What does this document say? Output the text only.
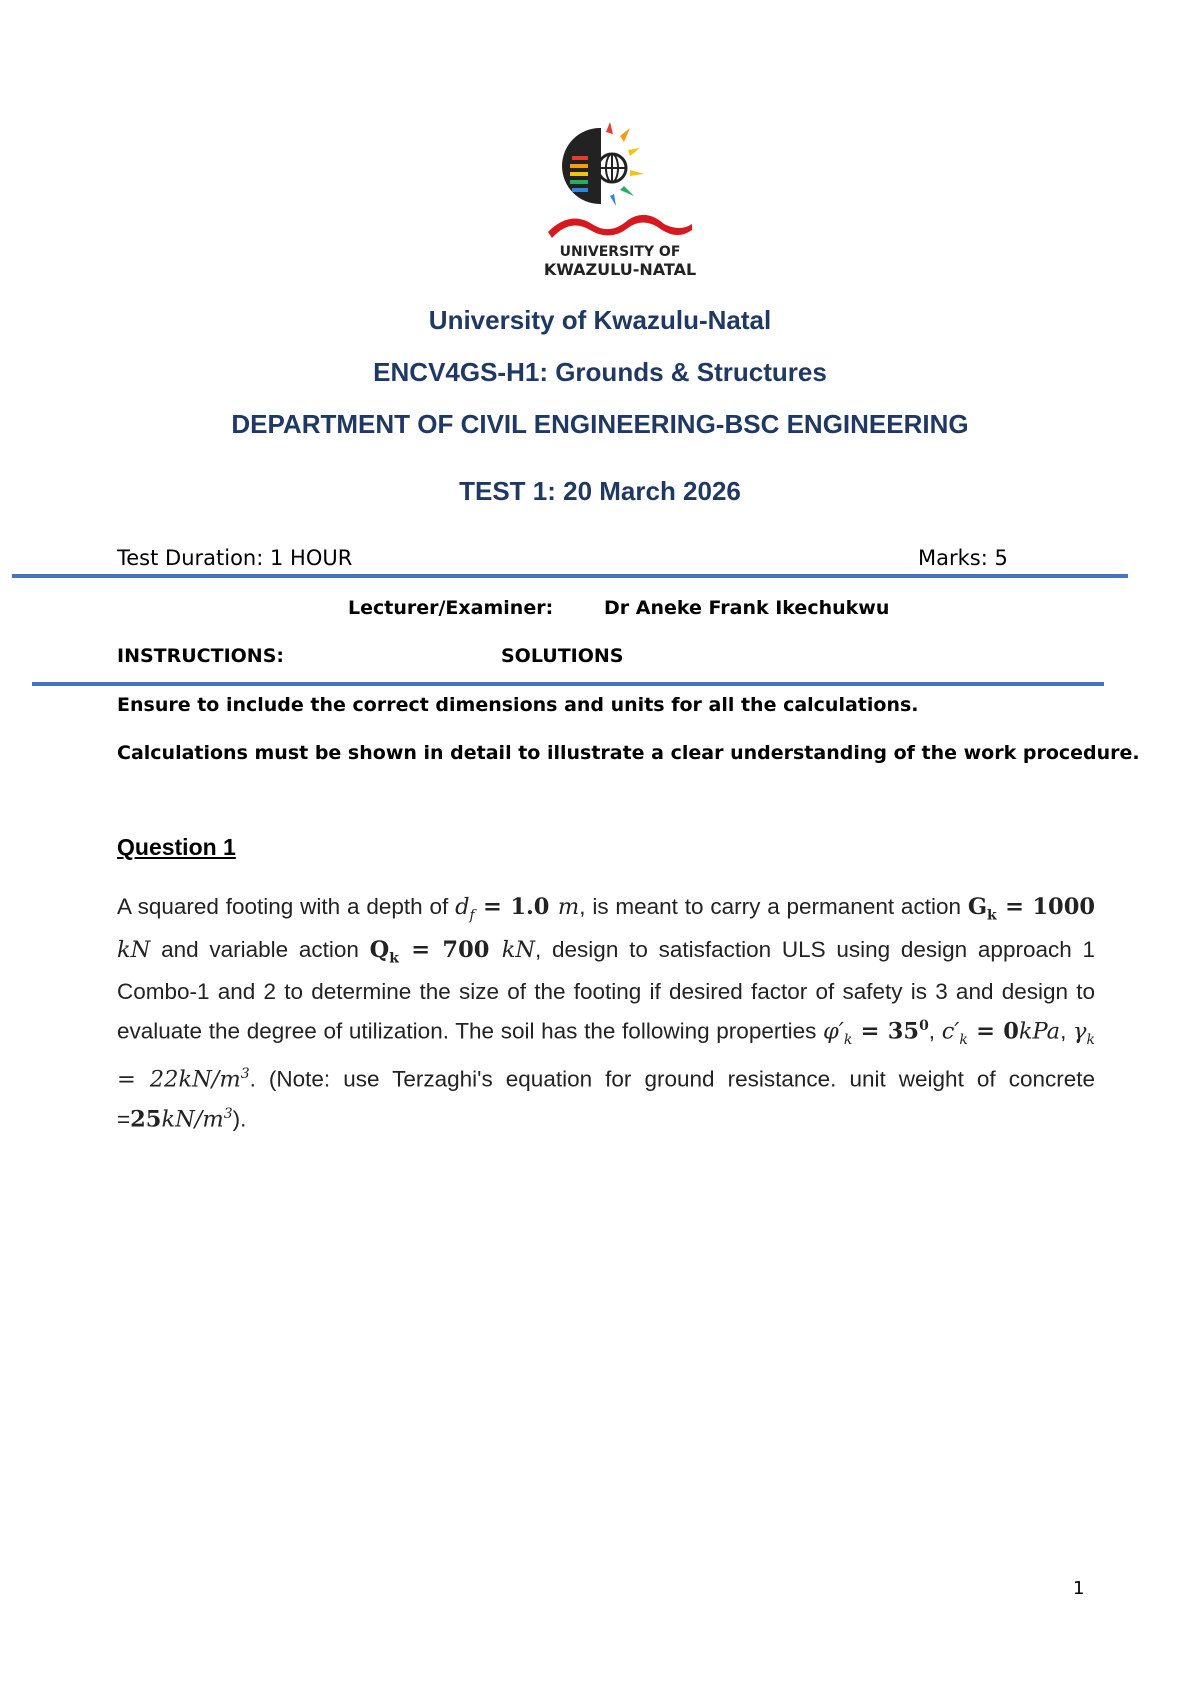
UNIVERSITY OF
KWAZULU-NATAL
University of Kwazulu-Natal
ENCV4GS-H1: Grounds & Structures
DEPARTMENT OF CIVIL ENGINEERING-BSC ENGINEERING
TEST 1: 20 March 2026
Test Duration: 1 HOUR	Marks: 5
Lecturer/Examiner:	Dr Aneke Frank Ikechukwu
INSTRUCTIONS:	SOLUTIONS
Ensure to include the correct dimensions and units for all the calculations.
Calculations must be shown in detail to illustrate a clear understanding of the work procedure.
Question 1
A squared footing with a depth of $d_f = 1.0$ m, is meant to carry a permanent action $G_k = 1000$ kN and variable action $Q_k = 700$ kN, design to satisfaction ULS using design approach 1 Combo-1 and 2 to determine the size of the footing if desired factor of safety is 3 and design to evaluate the degree of utilization. The soil has the following properties $\varphi'_k = 35^0$, $c'_k = 0kPa$, $\gamma_k = 22kN/m^3$. (Note: use Terzaghi's equation for ground resistance. unit weight of concrete $=25kN/m^3$).
1
